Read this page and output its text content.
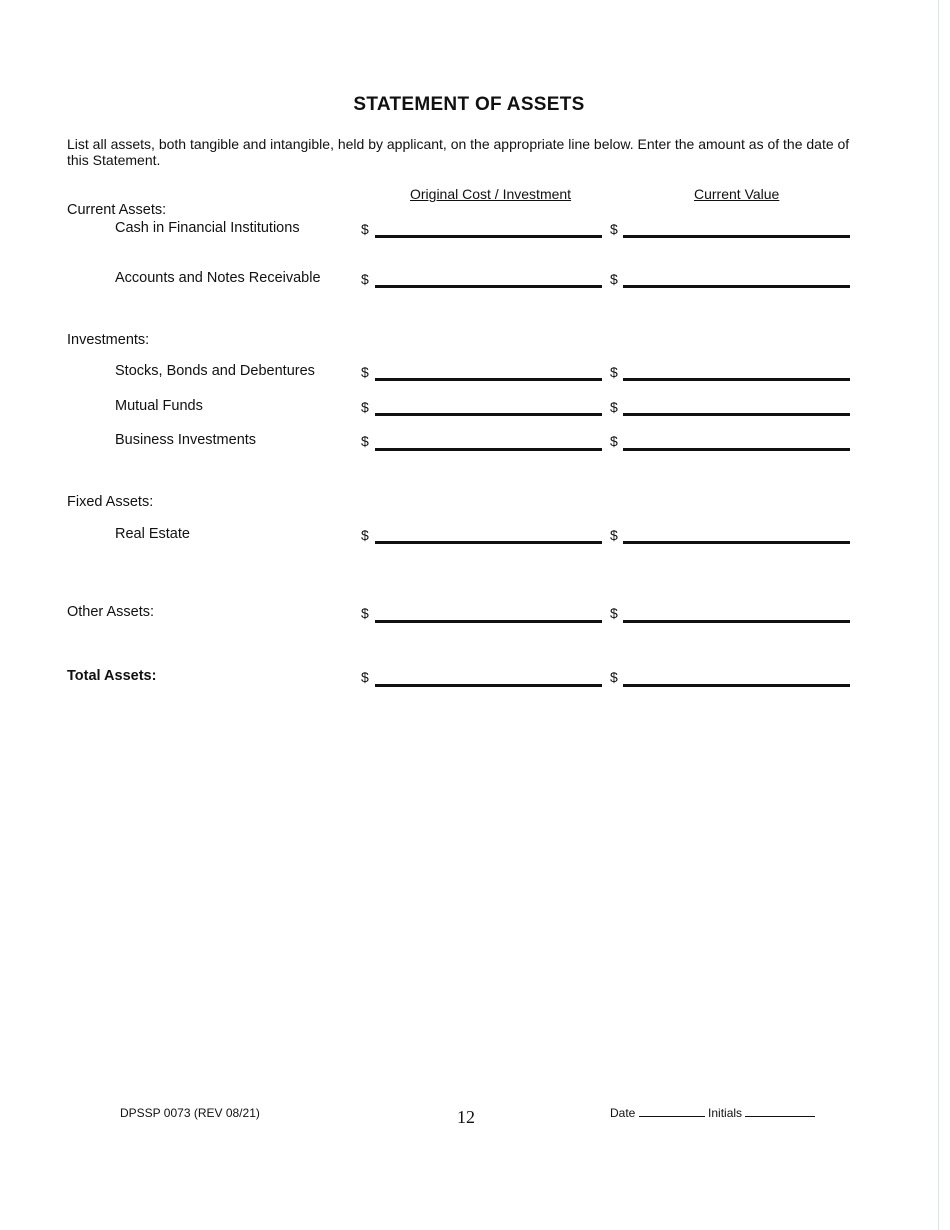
STATEMENT OF ASSETS
List all assets, both tangible and intangible, held by applicant, on the appropriate line below. Enter the amount as of the date of this Statement.
Original Cost / Investment	Current Value
Current Assets:
Cash in Financial Institutions	$	$
Accounts and Notes Receivable	$	$
Investments:
Stocks, Bonds and Debentures	$	$
Mutual Funds	$	$
Business Investments	$	$
Fixed Assets:
Real Estate	$	$
Other Assets:	$	$
Total Assets:	$	$
DPSSP 0073 (REV 08/21)	12	Date	Initials
